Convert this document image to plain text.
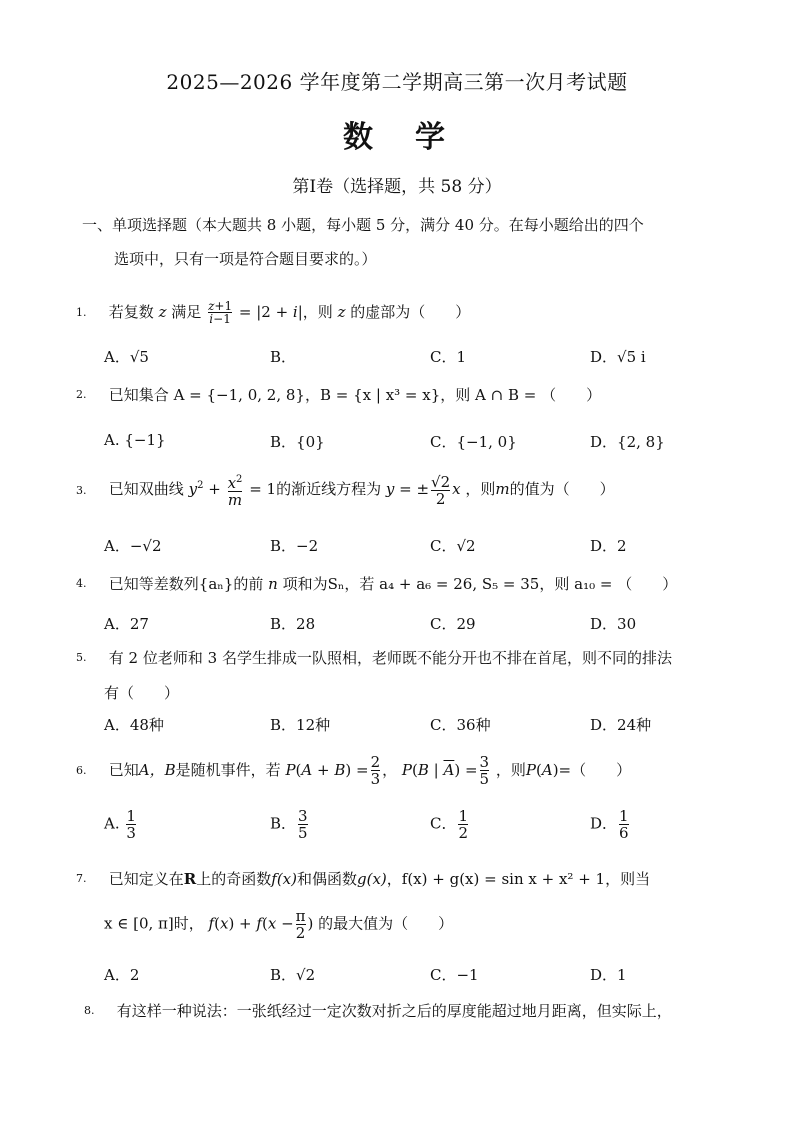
2025—2026 学年度第二学期高三第一次月考试题
数　学
第Ⅰ卷（选择题，共 58 分）
一、单项选择题（本大题共 8 小题，每小题 5 分，满分 40 分。在每小题给出的四个
选项中，只有一项是符合题目要求的。）
1. 若复数 z 满足 $\frac{z+1}{i-1} = |2 + i|$，则 z 的虚部为（　　）
A．√5	B．	C．1	D．√5 i
2. 已知集合 A = {−1, 0, 2, 8}，B = {x | x³ = x}，则 A ∩ B = （　　）
A. {−1}	B．{0}	C．{−1, 0}	D．{2, 8}
3. 已知双曲线 $y^2 + \frac{x^2}{m} = 1$的渐近线方程为 y = ± $\frac{√2}{2}$ x ，则m的值为（　　）
A．−√2	B．−2	C．√2	D．2
4. 已知等差数列{aₙ}的前 n 项和为Sₙ，若 a₄ + a₆ = 26, S₅ = 35，则 a₁₀ = （　　）
A．27	B．28	C．29	D．30
5. 有 2 位老师和 3 名学生排成一队照相，老师既不能分开也不排在首尾，则不同的排法
有（　　）
A．48种	B．12种	C．36种	D．24种
6. 已知A，B是随机事件，若 $P(A + B) = \frac{2}{3}$ ， P(B | $\overline{A}) = \frac{3}{5}$ ，则P(A)=（　　）
A. $\frac{1}{3}$	B． $\frac{3}{5}$	C． $\frac{1}{2}$	D． $\frac{1}{6}$
7. 已知定义在R上的奇函数f(x)和偶函数g(x)，f(x) + g(x) = sin x + x² + 1，则当
x ∈ [0, π]时， $f(x) + f(x - \frac{\pi}{2}$ ) 的最大值为（　　）
A．2	B．√2	C．−1	D．1
8. 有这样一种说法：一张纸经过一定次数对折之后的厚度能超过地月距离，但实际上，
